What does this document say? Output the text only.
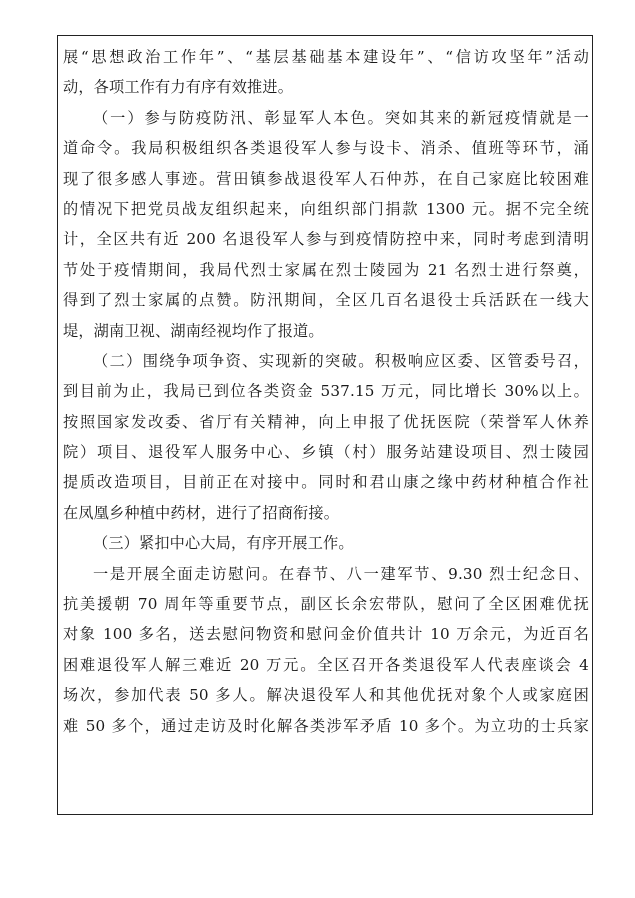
展“思想政治工作年”、“基层基础基本建设年”、“信访攻坚年”活动
动，各项工作有力有序有效推进。
（一）参与防疫防汛、彰显军人本色。突如其来的新冠疫情就是一
道命令。我局积极组织各类退役军人参与设卡、消杀、值班等环节，涌
现了很多感人事迹。营田镇参战退役军人石仲苏，在自己家庭比较困难
的情况下把党员战友组织起来，向组织部门捐款 1300 元。据不完全统
计，全区共有近 200 名退役军人参与到疫情防控中来，同时考虑到清明
节处于疫情期间，我局代烈士家属在烈士陵园为 21 名烈士进行祭奠，
得到了烈士家属的点赞。防汛期间，全区几百名退役士兵活跃在一线大
堤，湖南卫视、湖南经视均作了报道。
（二）围绕争项争资、实现新的突破。积极响应区委、区管委号召，
到目前为止，我局已到位各类资金 537.15 万元，同比增长 30%以上。
按照国家发改委、省厅有关精神，向上申报了优抚医院（荣誉军人休养
院）项目、退役军人服务中心、乡镇（村）服务站建设项目、烈士陵园
提质改造项目，目前正在对接中。同时和君山康之缘中药材种植合作社
在凤凰乡种植中药材，进行了招商衔接。
（三）紧扣中心大局，有序开展工作。
一是开展全面走访慰问。在春节、八一建军节、9.30 烈士纪念日、
抗美援朝 70 周年等重要节点，副区长余宏带队，慰问了全区困难优抚
对象 100 多名，送去慰问物资和慰问金价值共计 10 万余元，为近百名
困难退役军人解三难近 20 万元。全区召开各类退役军人代表座谈会 4
场次，参加代表 50 多人。解决退役军人和其他优抚对象个人或家庭困
难 50 多个，通过走访及时化解各类涉军矛盾 10 多个。为立功的士兵家
